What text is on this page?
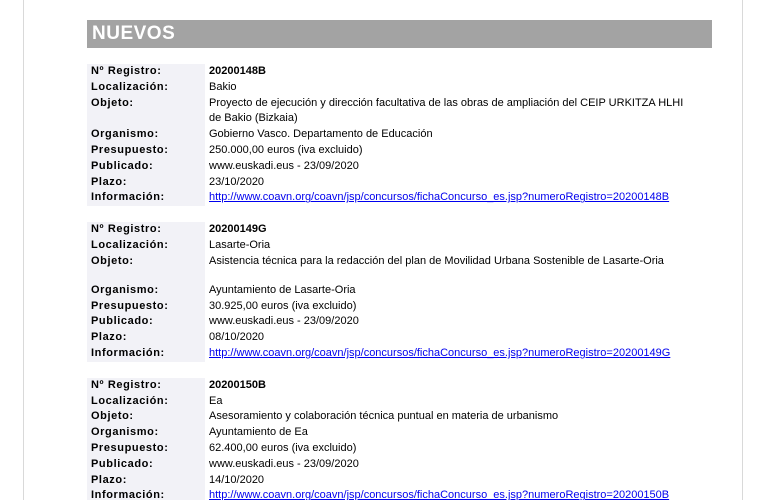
NUEVOS
Nº Registro:	20200148B
Localización:	Bakio
Objeto:	Proyecto de ejecución y dirección facultativa de las obras de ampliación del CEIP URKITZA HLHI de Bakio (Bizkaia)
Organismo:	Gobierno Vasco. Departamento de Educación
Presupuesto:	250.000,00 euros (iva excluido)
Publicado:	www.euskadi.eus - 23/09/2020
Plazo:	23/10/2020
Información:	http://www.coavn.org/coavn/jsp/concursos/fichaConcurso_es.jsp?numeroRegistro=20200148B
Nº Registro:	20200149G
Localización:	Lasarte-Oria
Objeto:	Asistencia técnica para la redacción del plan de Movilidad Urbana Sostenible de Lasarte-Oria
Organismo:	Ayuntamiento de Lasarte-Oria
Presupuesto:	30.925,00 euros (iva excluido)
Publicado:	www.euskadi.eus - 23/09/2020
Plazo:	08/10/2020
Información:	http://www.coavn.org/coavn/jsp/concursos/fichaConcurso_es.jsp?numeroRegistro=20200149G
Nº Registro:	20200150B
Localización:	Ea
Objeto:	Asesoramiento y colaboración técnica puntual en materia de urbanismo
Organismo:	Ayuntamiento de Ea
Presupuesto:	62.400,00 euros (iva excluido)
Publicado:	www.euskadi.eus - 23/09/2020
Plazo:	14/10/2020
Información:	http://www.coavn.org/coavn/jsp/concursos/fichaConcurso_es.jsp?numeroRegistro=20200150B
